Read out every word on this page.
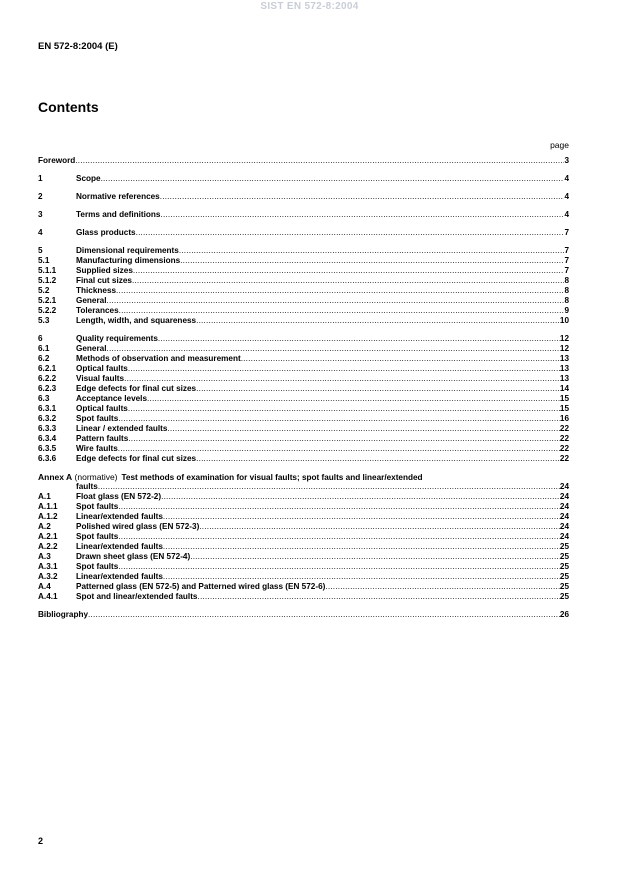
SIST EN 572-8:2004
EN 572-8:2004 (E)
Contents
page
Foreword .....	3
1	Scope .....	4
2	Normative references .....	4
3	Terms and definitions .....	4
4	Glass products .....	7
5	Dimensional requirements .....	7
5.1	Manufacturing dimensions .....	7
5.1.1	Supplied sizes .....	7
5.1.2	Final cut sizes .....	8
5.2	Thickness .....	8
5.2.1	General .....	8
5.2.2	Tolerances .....	9
5.3	Length, width, and squareness .....	10
6	Quality requirements .....	12
6.1	General .....	12
6.2	Methods of observation and measurement .....	13
6.2.1	Optical faults .....	13
6.2.2	Visual faults .....	13
6.2.3	Edge defects for final cut sizes .....	14
6.3	Acceptance levels .....	15
6.3.1	Optical faults .....	15
6.3.2	Spot faults .....	16
6.3.3	Linear / extended faults .....	22
6.3.4	Pattern faults .....	22
6.3.5	Wire faults .....	22
6.3.6	Edge defects for final cut sizes .....	22
Annex A (normative) Test methods of examination for visual faults; spot faults and linear/extended
faults .....	24
A.1	Float glass (EN 572-2) .....	24
A.1.1	Spot faults .....	24
A.1.2	Linear/extended faults .....	24
A.2	Polished wired glass (EN 572-3) .....	24
A.2.1	Spot faults .....	24
A.2.2	Linear/extended faults .....	25
A.3	Drawn sheet glass (EN 572-4) .....	25
A.3.1	Spot faults .....	25
A.3.2	Linear/extended faults .....	25
A.4	Patterned glass (EN 572-5) and Patterned wired glass (EN 572-6) .....	25
A.4.1	Spot and linear/extended faults .....	25
Bibliography .....	26
2
